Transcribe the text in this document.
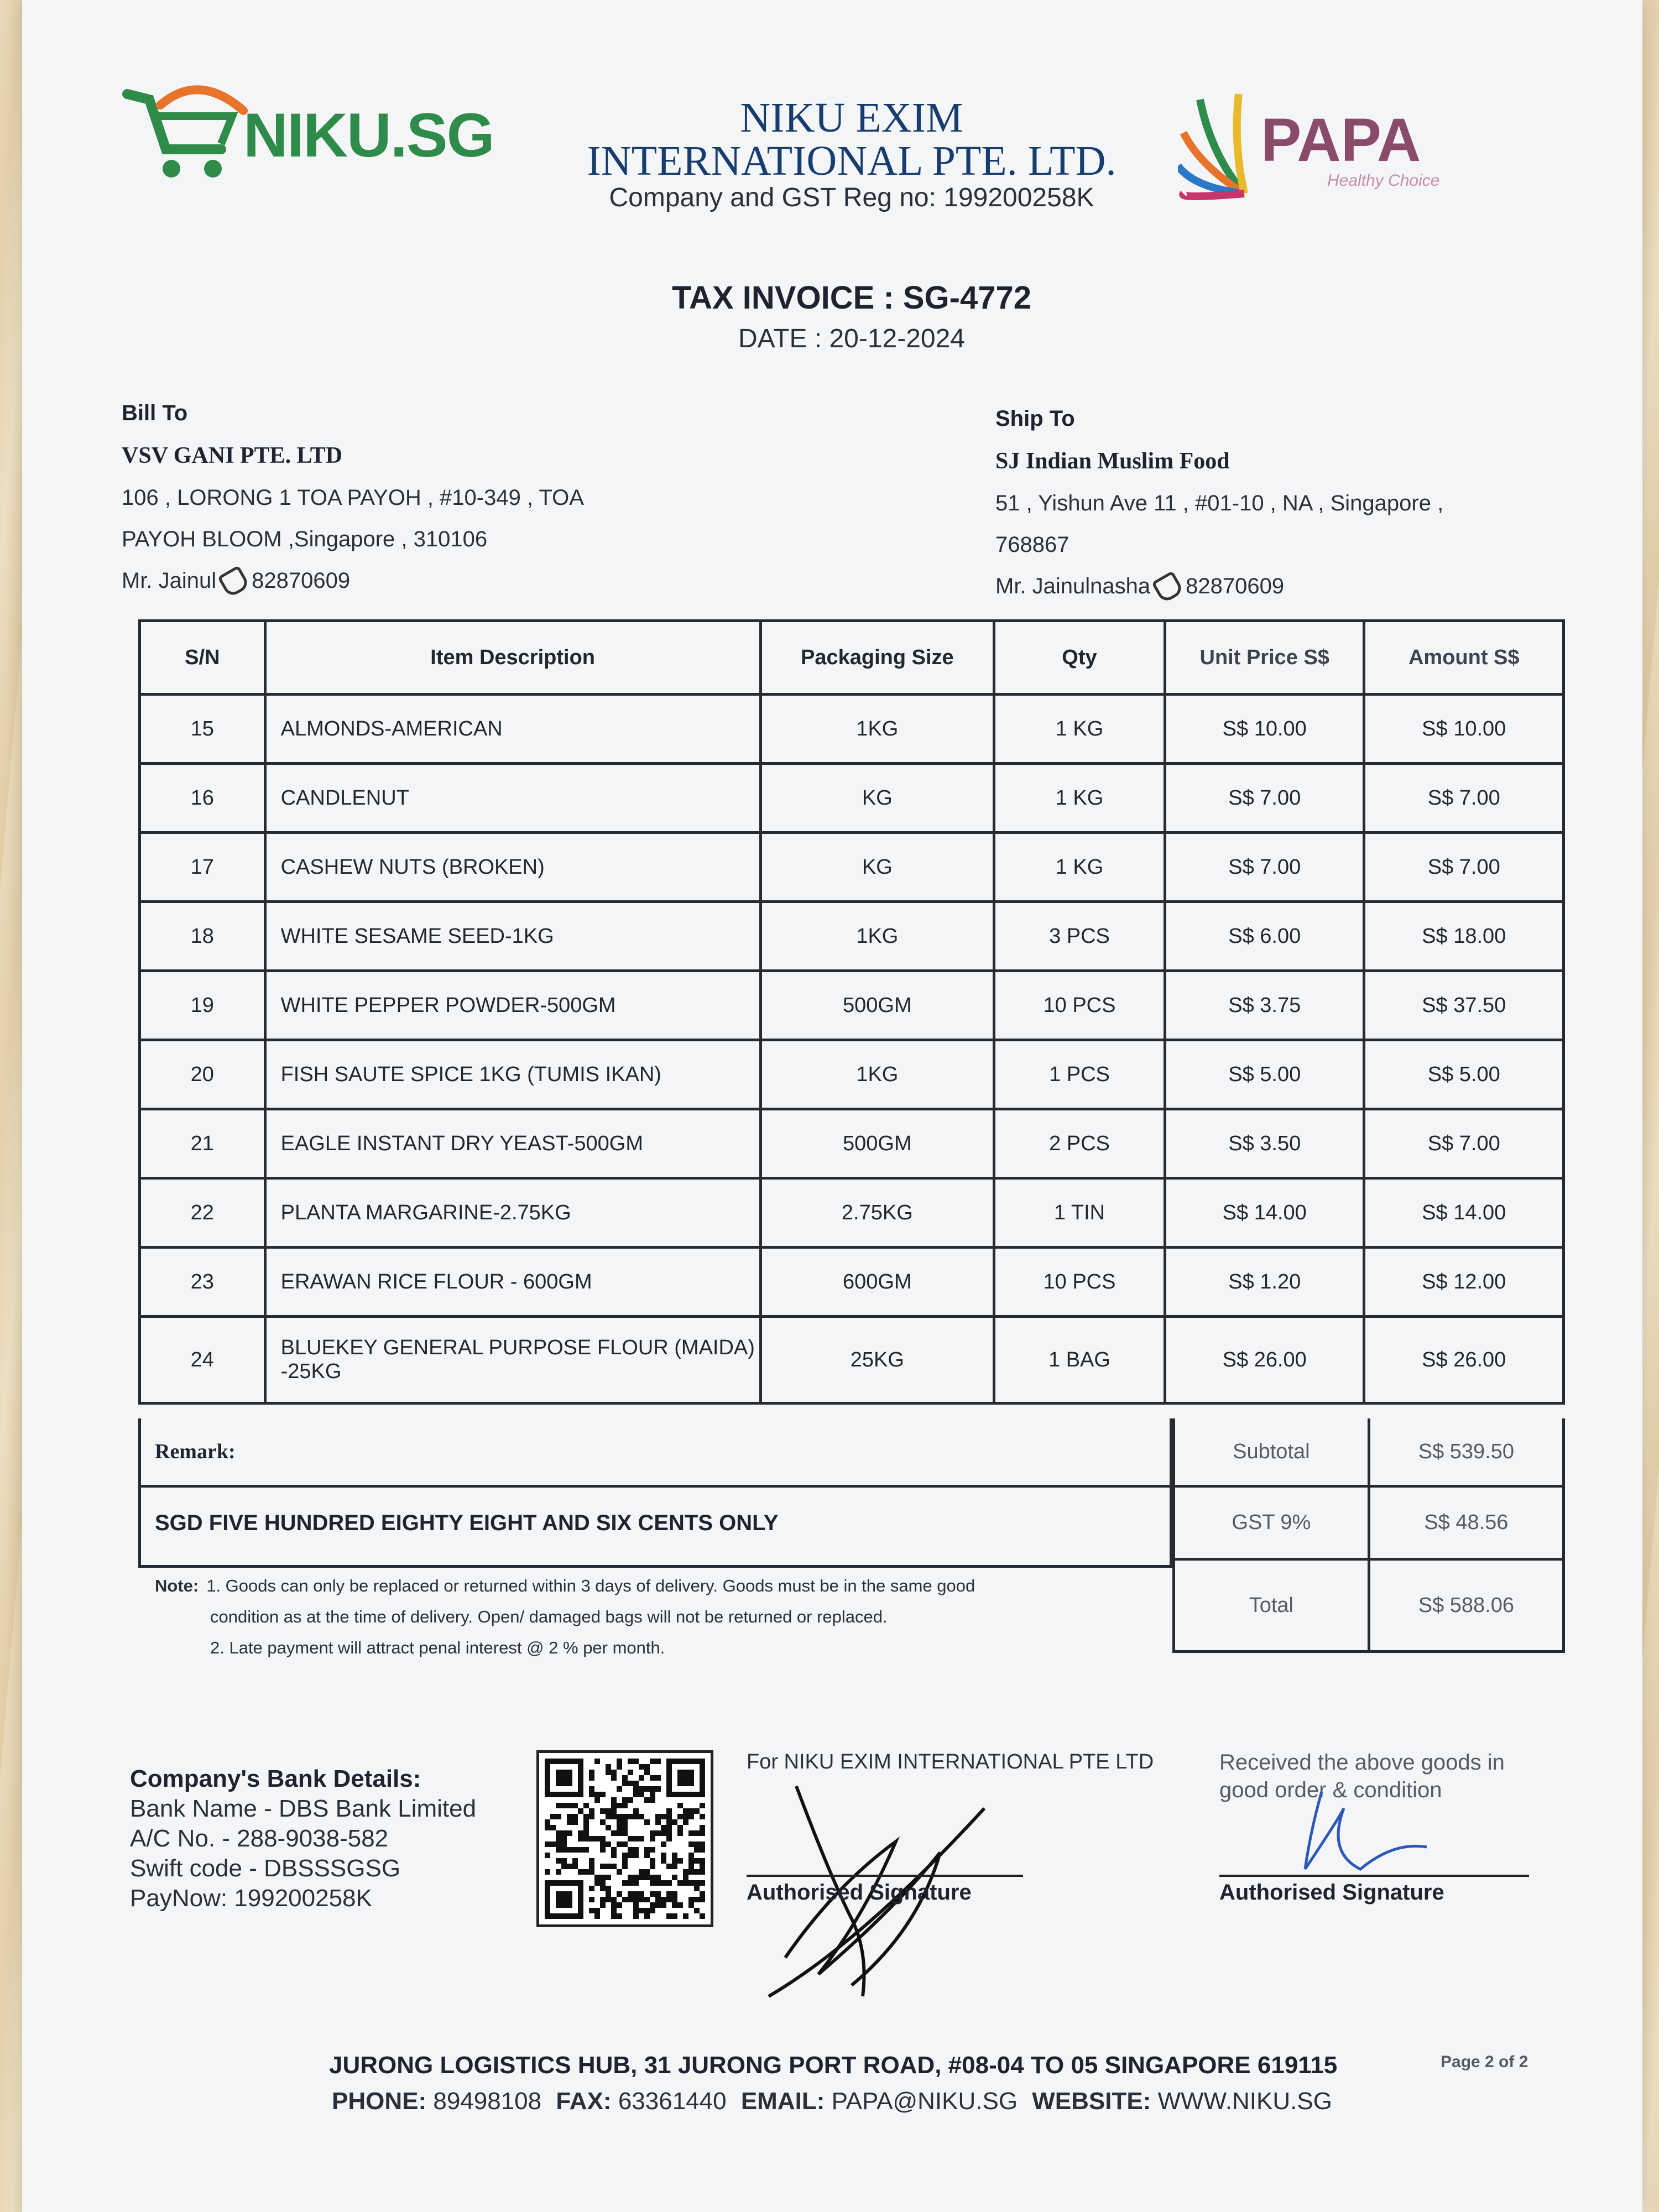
NIKU.SG	NIKU EXIM
INTERNATIONAL PTE. LTD.
Company and GST Reg no: 199200258K
PAPA
Healthy Choice
TAX INVOICE : SG-4772
DATE : 20-12-2024
Bill To
VSV GANI PTE. LTD
106 , LORONG 1 TOA PAYOH , #10-349 , TOA
PAYOH BLOOM ,Singapore , 310106
Mr. Jainul 82870609
Ship To
SJ Indian Muslim Food
51 , Yishun Ave 11 , #01-10 , NA , Singapore ,
768867
Mr. Jainulnasha 82870609
S/N	Item Description	Packaging Size	Qty	Unit Price S$	Amount S$
15	ALMONDS-AMERICAN	1KG	1 KG	S$ 10.00	S$ 10.00
16	CANDLENUT	KG	1 KG	S$ 7.00	S$ 7.00
17	CASHEW NUTS (BROKEN)	KG	1 KG	S$ 7.00	S$ 7.00
18	WHITE SESAME SEED-1KG	1KG	3 PCS	S$ 6.00	S$ 18.00
19	WHITE PEPPER POWDER-500GM	500GM	10 PCS	S$ 3.75	S$ 37.50
20	FISH SAUTE SPICE 1KG (TUMIS IKAN)	1KG	1 PCS	S$ 5.00	S$ 5.00
21	EAGLE INSTANT DRY YEAST-500GM	500GM	2 PCS	S$ 3.50	S$ 7.00
22	PLANTA MARGARINE-2.75KG	2.75KG	1 TIN	S$ 14.00	S$ 14.00
23	ERAWAN RICE FLOUR - 600GM	600GM	10 PCS	S$ 1.20	S$ 12.00
24	BLUEKEY GENERAL PURPOSE FLOUR (MAIDA) -25KG	25KG	1 BAG	S$ 26.00	S$ 26.00
Remark:
SGD FIVE HUNDRED EIGHTY EIGHT AND SIX CENTS ONLY
Subtotal	S$ 539.50
GST 9%	S$ 48.56
Total	S$ 588.06
Note: 1. Goods can only be replaced or returned within 3 days of delivery. Goods must be in the same good
condition as at the time of delivery. Open/ damaged bags will not be returned or replaced.
2. Late payment will attract penal interest @ 2 % per month.
Company's Bank Details:
Bank Name - DBS Bank Limited
A/C No. - 288-9038-582
Swift code - DBSSSGSG
PayNow: 199200258K
For NIKU EXIM INTERNATIONAL PTE LTD
Authorised Signature
Received the above goods in
good order & condition
Authorised Signature
JURONG LOGISTICS HUB, 31 JURONG PORT ROAD, #08-04 TO 05 SINGAPORE 619115	Page 2 of 2
PHONE: 89498108 FAX: 63361440 EMAIL: PAPA@NIKU.SG WEBSITE: WWW.NIKU.SG
